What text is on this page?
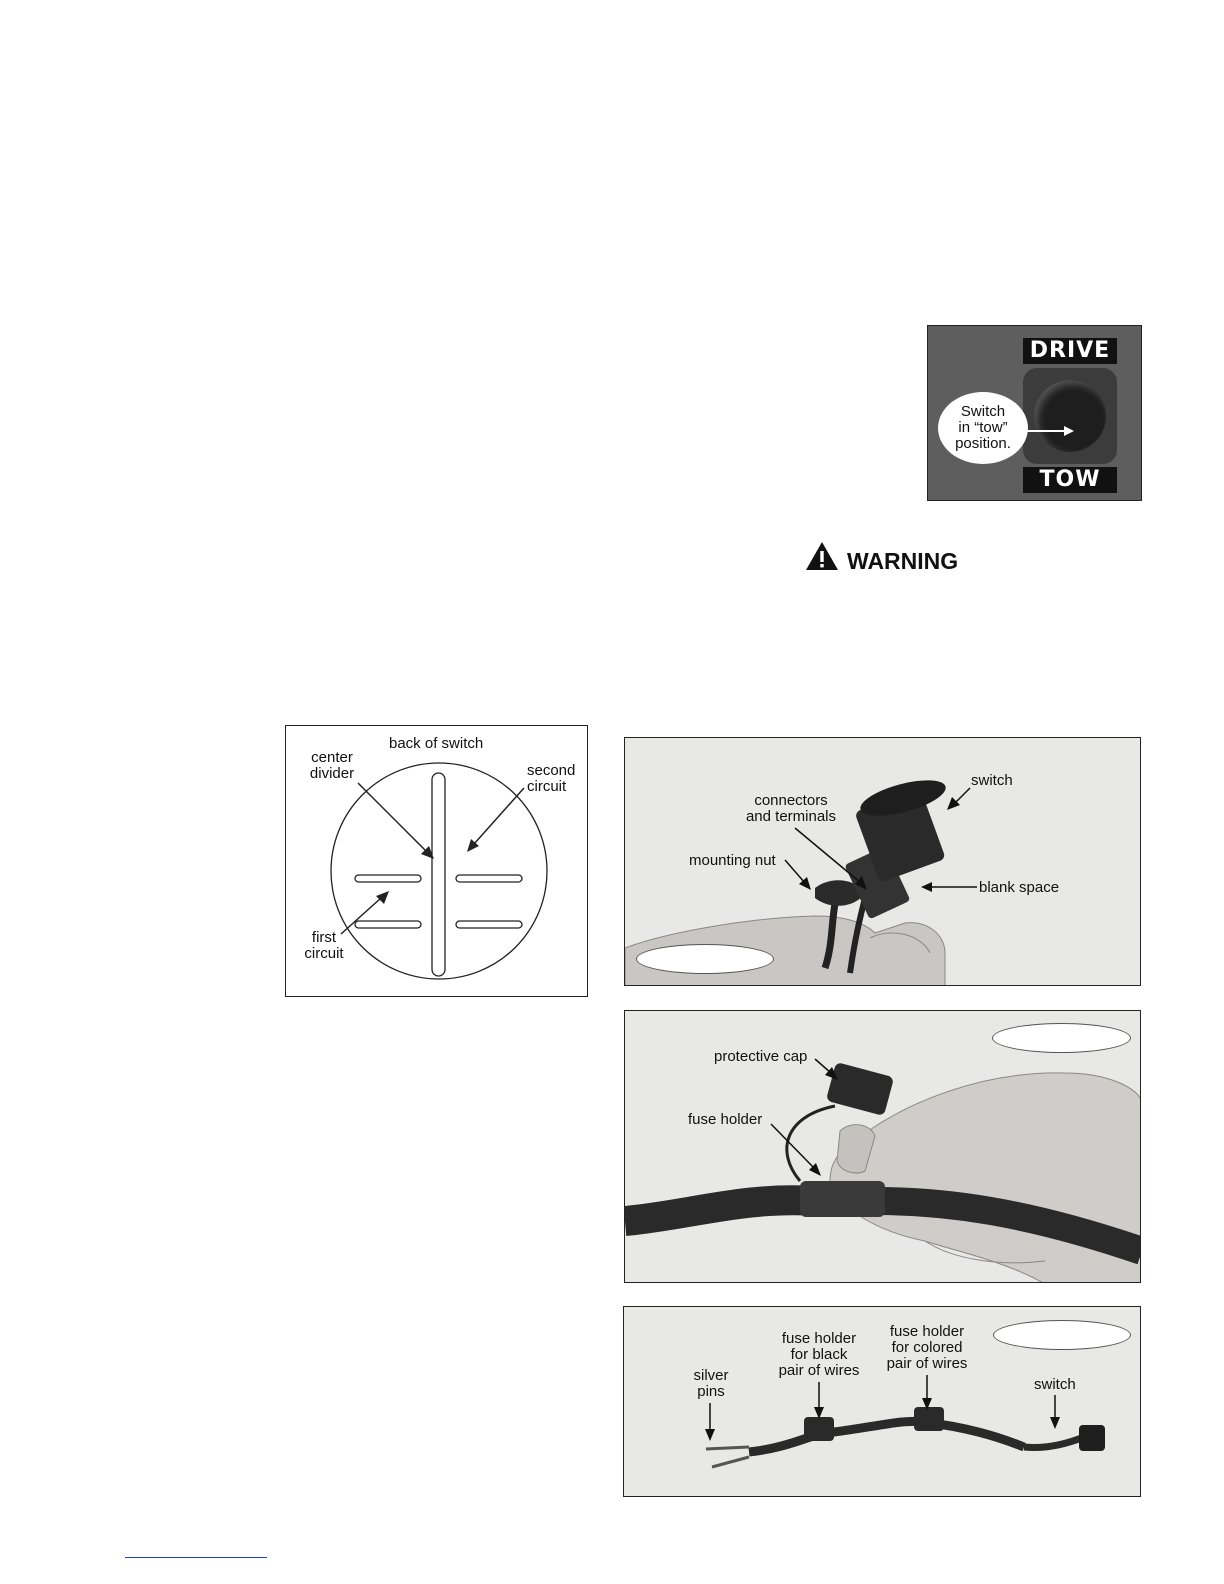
DRIVE
TOW
Switch
in “tow”
position.
WARNING
back of switch
center
divider	second
circuit
first
circuit
connectors
and terminals
switch
mounting nut
blank space
protective cap
fuse holder
silver
pins
fuse holder
for black
pair of wires
fuse holder
for colored
pair of wires
switch
